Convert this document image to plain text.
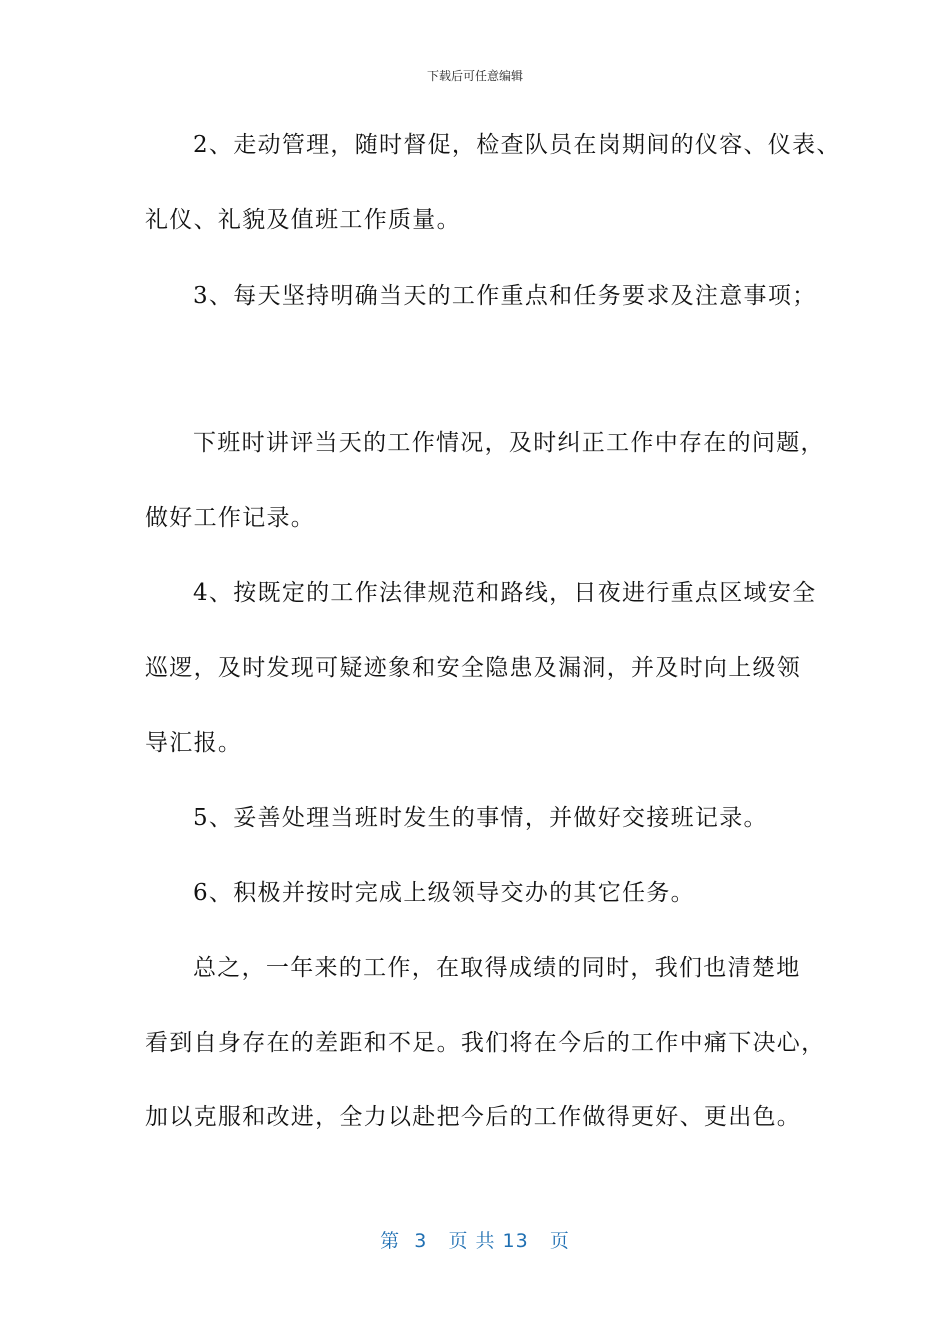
下载后可任意编辑
2、走动管理，随时督促，检查队员在岗期间的仪容、仪表、
礼仪、礼貌及值班工作质量。
3、每天坚持明确当天的工作重点和任务要求及注意事项；
下班时讲评当天的工作情况，及时纠正工作中存在的问题，
做好工作记录。
4、按既定的工作法律规范和路线，日夜进行重点区域安全
巡逻，及时发现可疑迹象和安全隐患及漏洞，并及时向上级领
导汇报。
5、妥善处理当班时发生的事情，并做好交接班记录。
6、积极并按时完成上级领导交办的其它任务。
总之，一年来的工作，在取得成绩的同时，我们也清楚地
看到自身存在的差距和不足。我们将在今后的工作中痛下决心，
加以克服和改进，全力以赴把今后的工作做得更好、更出色。
第  3   页 共 13   页
